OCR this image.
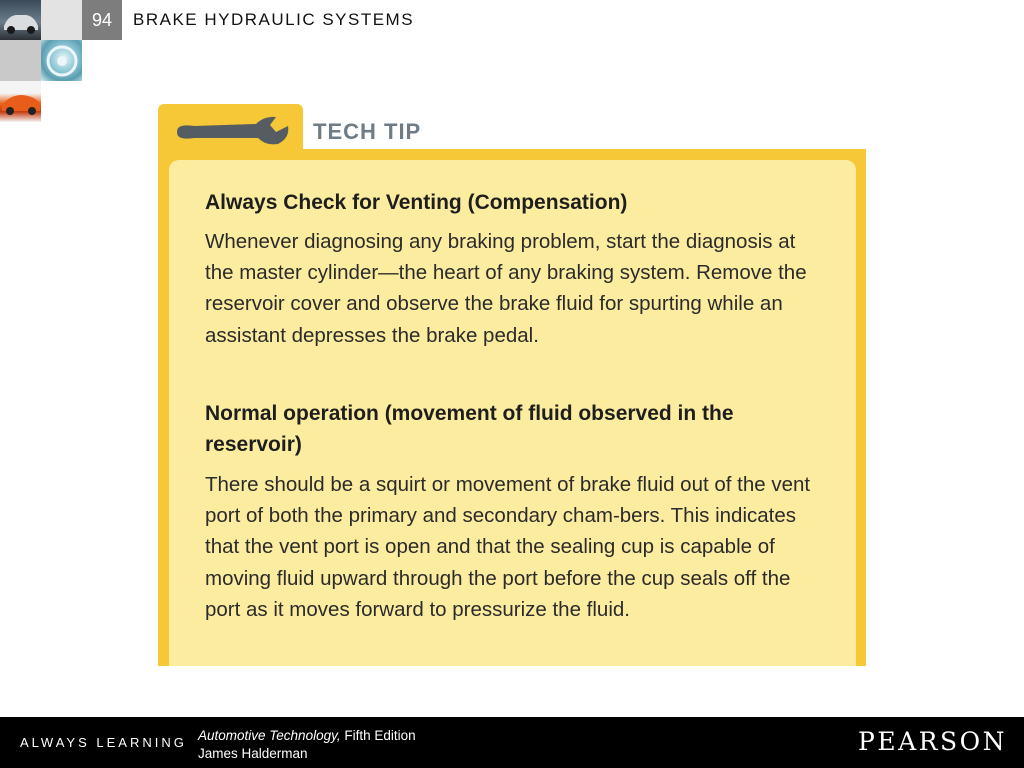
94	BRAKE HYDRAULIC SYSTEMS
TECH TIP

Always Check for Venting (Compensation)

Whenever diagnosing any braking problem, start the diagnosis at the master cylinder—the heart of any braking system. Remove the reservoir cover and observe the brake fluid for spurting while an assistant depresses the brake pedal.

Normal operation (movement of fluid observed in the reservoir)

There should be a squirt or movement of brake fluid out of the vent port of both the primary and secondary cham-bers. This indicates that the vent port is open and that the sealing cup is capable of moving fluid upward through the port before the cup seals off the port as it moves forward to pressurize the fluid.

ALWAYS LEARNING Automotive Technology, Fifth Edition
James Halderman	PEARSON
